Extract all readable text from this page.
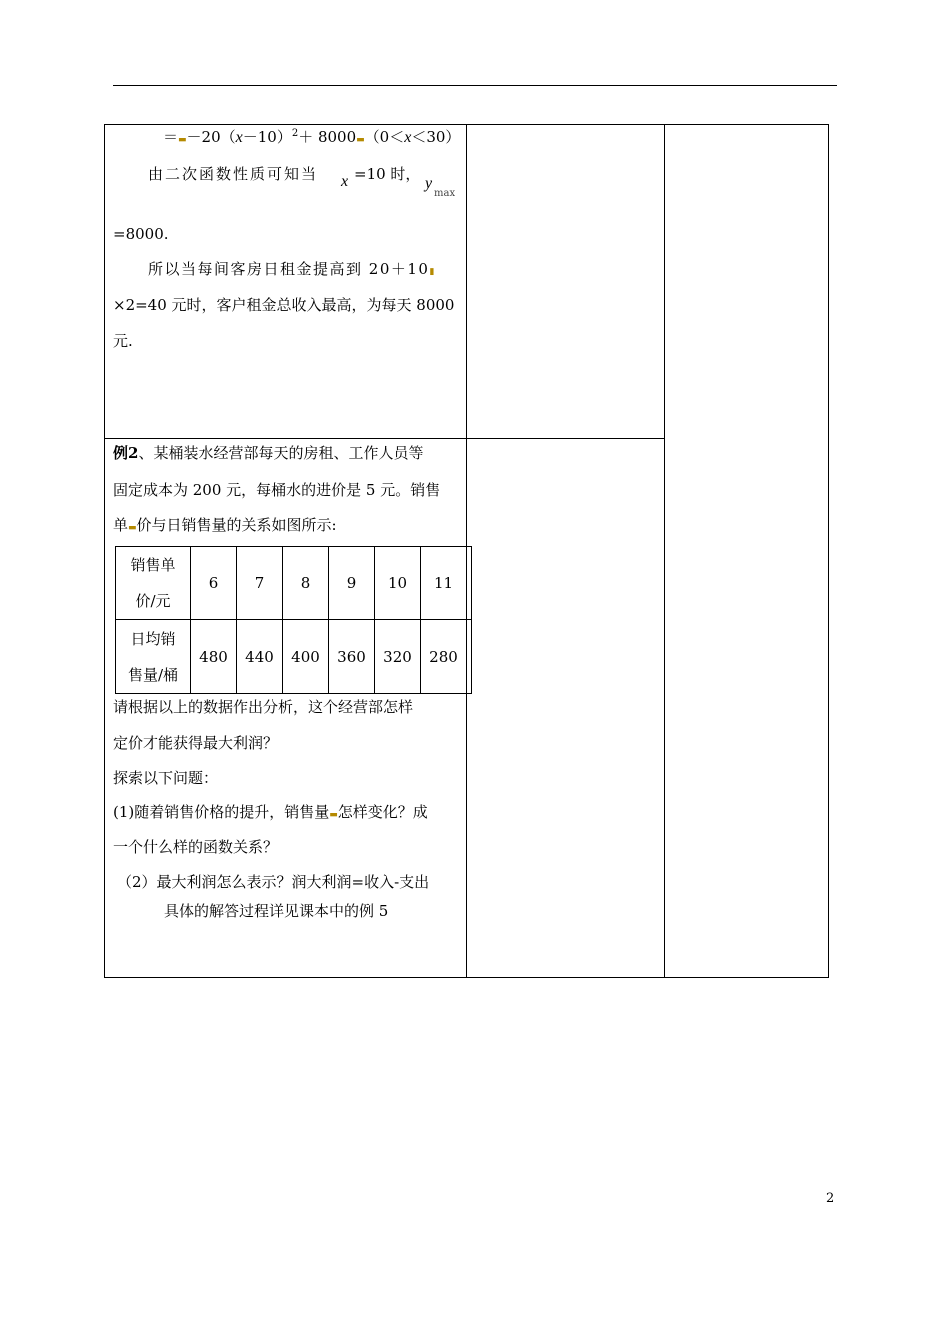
$=▬-20(x-10)^2+$ 8000▬（0＜x＜30）
由二次函数性质可知当 x =10 时，
y
max
=8000.
所以当每间客房日租金提高到 20＋10▮
×2=40 元时，客户租金总收入最高，为每天 8000
元.
例2、某桶装水经营部每天的房租、工作人员等
固定成本为 200 元，每桶水的进价是 5 元。销售
单▬价与日销售量的关系如图所示:
销售单
价/元	6	7	8	9	10	11	

日均销
售量/桶	480	440	400	360	320	280	
请根据以上的数据作出分析，这个经营部怎样
定价才能获得最大利润？
探索以下问题：
(1)随着销售价格的提升，销售量▬怎样变化？成
一个什么样的函数关系？
（2）最大利润怎么表示？润大利润=收入-支出
具体的解答过程详见课本中的例 5
2
